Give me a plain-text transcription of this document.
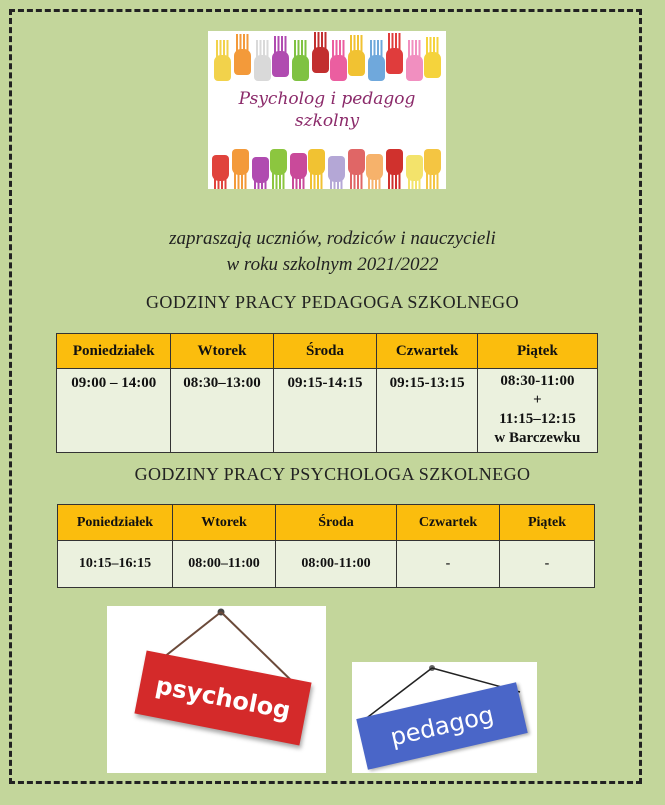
Psycholog i pedagog
szkolny
zapraszają uczniów, rodziców i nauczycieli
w roku szkolnym 2021/2022
GODZINY PRACY PEDAGOGA SZKOLNEGO
Poniedziałek	Wtorek	Środa	Czwartek	Piątek
09:00 – 14:00	08:30–13:00	09:15-14:15	09:15-13:15	08:30-11:00
+
11:15–12:15
w Barczewku
GODZINY PRACY PSYCHOLOGA SZKOLNEGO
Poniedziałek	Wtorek	Środa	Czwartek	Piątek
10:15–16:15	08:00–11:00	08:00-11:00	-	-
psycholog
pedagog
